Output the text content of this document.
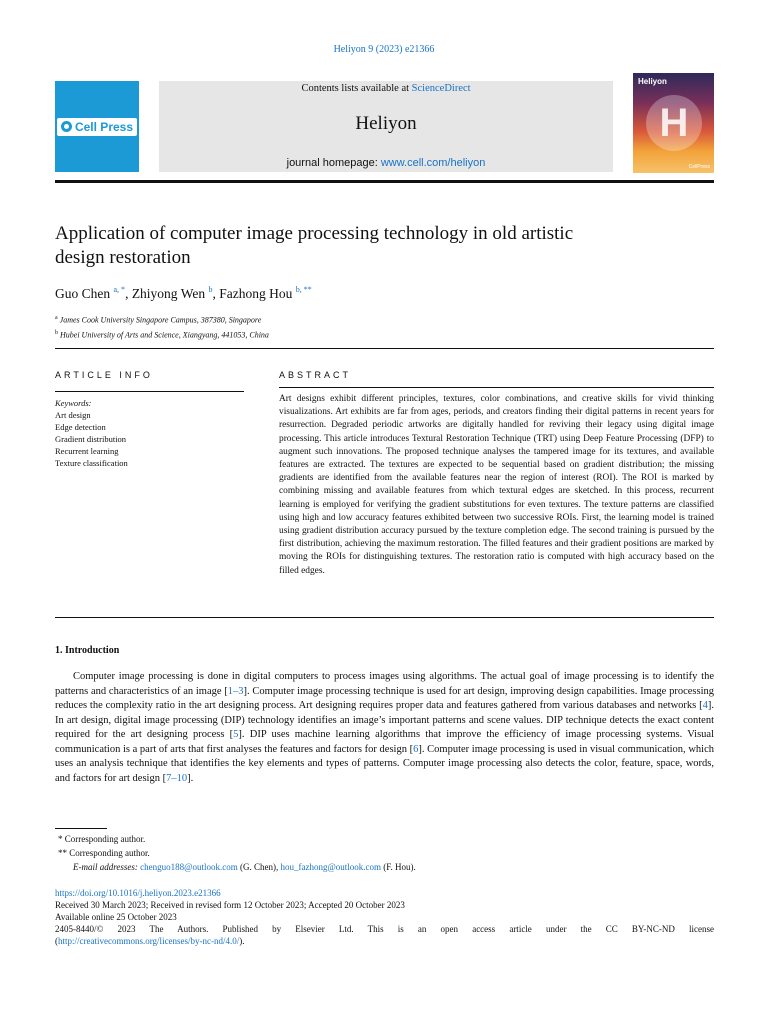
Heliyon 9 (2023) e21366
Cell Press
Contents lists available at ScienceDirect
Heliyon
journal homepage: www.cell.com/heliyon
Heliyon
H
CellPress
Application of computer image processing technology in old artistic design restoration
Guo Chen $^{a, *}$, Zhiyong Wen $^b$, Fazhong Hou $^{b, **}$
$^a$ James Cook University Singapore Campus, 387380, Singapore
$^b$ Hubei University of Arts and Science, Xiangyang, 441053, China
ARTICLE INFO
Keywords:
Art design
Edge detection
Gradient distribution
Recurrent learning
Texture classification
ABSTRACT
Art designs exhibit different principles, textures, color combinations, and creative skills for vivid thinking visualizations. Art exhibits are far from ages, periods, and creators finding their digital patterns in recent years for resurrection. Degraded periodic artworks are digitally handled for reviving their legacy using digital image processing. This article introduces Textural Restoration Technique (TRT) using Deep Feature Processing (DFP) to augment such innovations. The proposed technique analyses the tampered image for its textures, and available features are extracted. The textures are expected to be sequential based on gradient distribution; the missing gradients are identified from the available features near the region of interest (ROI). The ROI is marked by combining missing and available features from which textural edges are sketched. In this process, recurrent learning is employed for verifying the gradient substitutions for even textures. The texture patterns are classified using high and low accuracy features exhibited between two successive ROIs. First, the learning model is trained using gradient distribution accuracy pursued by the texture completion edge. The second training is pursued by the first distribution, achieving the maximum restoration. The filled features and their gradient positions are marked by moving the ROIs for distinguishing textures. The restoration ratio is computed with high accuracy based on the filled edges.
1. Introduction

Computer image processing is done in digital computers to process images using algorithms. The actual goal of image processing is to identify the patterns and characteristics of an image [1–3]. Computer image processing technique is used for art design, improving design capabilities. Image processing reduces the complexity ratio in the art designing process. Art designing requires proper data and features gathered from various databases and networks [4]. In art design, digital image processing (DIP) technology identifies an image’s important patterns and scene values. DIP technique detects the exact content required for the art designing process [5]. DIP uses machine learning algorithms that improve the efficiency of image processing systems. Visual communication is a part of arts that first analyses the features and factors for design [6]. Computer image processing is used in visual communication, which uses an analysis technique that identifies the key elements and types of patterns. Computer image processing also detects the color, feature, space, words, and factors for art design [7–10].

* Corresponding author.
** Corresponding author.
E-mail addresses: chenguo188@outlook.com (G. Chen), hou_fazhong@outlook.com (F. Hou).
https://doi.org/10.1016/j.heliyon.2023.e21366
Received 30 March 2023; Received in revised form 12 October 2023; Accepted 20 October 2023
Available online 25 October 2023
2405-8440/© 2023 The Authors. Published by Elsevier Ltd. This is an open access article under the CC BY-NC-ND license
(http://creativecommons.org/licenses/by-nc-nd/4.0/).
